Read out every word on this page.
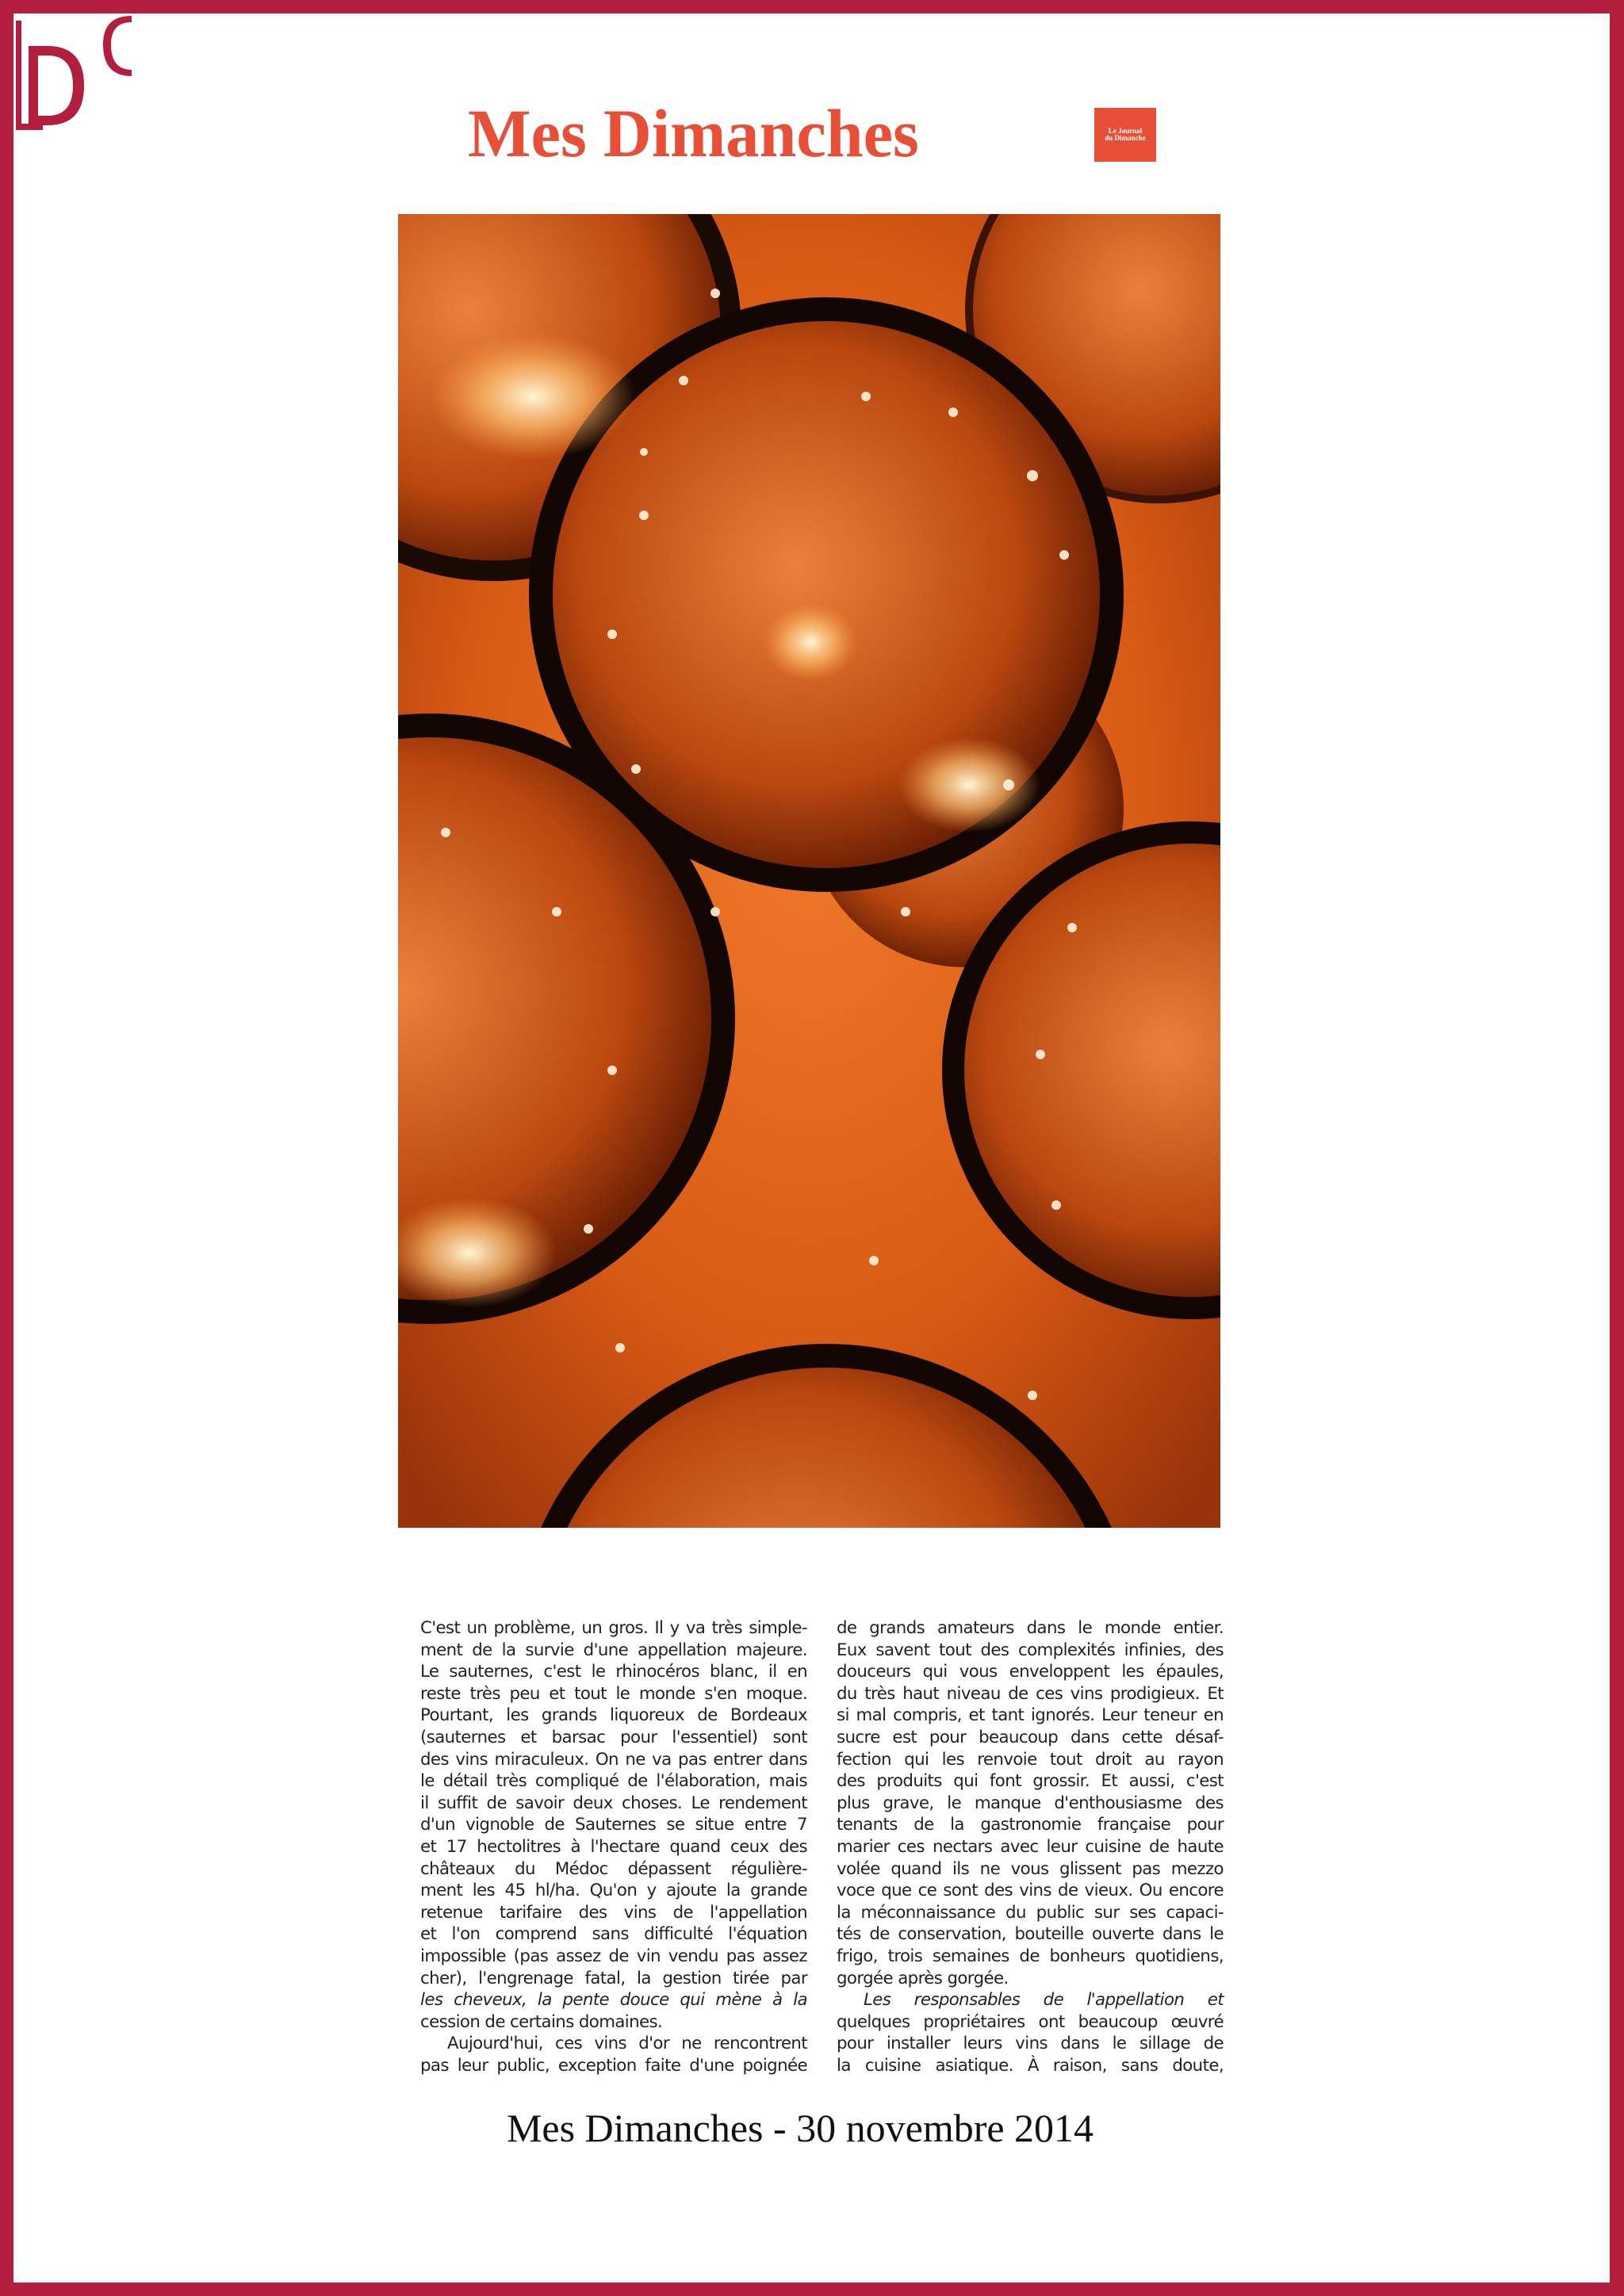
Mes Dimanches	Le Journal
du Dimanche
C'est un problème, un gros. Il y va très simple-
ment de la survie d'une appellation majeure.
Le sauternes, c'est le rhinocéros blanc, il en
reste très peu et tout le monde s'en moque.
Pourtant, les grands liquoreux de Bordeaux
(sauternes et barsac pour l'essentiel) sont
des vins miraculeux. On ne va pas entrer dans
le détail très compliqué de l'élaboration, mais
il suffit de savoir deux choses. Le rendement
d'un vignoble de Sauternes se situe entre 7
et 17 hectolitres à l'hectare quand ceux des
châteaux du Médoc dépassent régulière-
ment les 45 hl/ha. Qu'on y ajoute la grande
retenue tarifaire des vins de l'appellation
et l'on comprend sans difficulté l'équation
impossible (pas assez de vin vendu pas assez
cher), l'engrenage fatal, la gestion tirée par
les cheveux, la pente douce qui mène à la
cession de certains domaines.
Aujourd'hui, ces vins d'or ne rencontrent
pas leur public, exception faite d'une poignée
de grands amateurs dans le monde entier.
Eux savent tout des complexités infinies, des
douceurs qui vous enveloppent les épaules,
du très haut niveau de ces vins prodigieux. Et
si mal compris, et tant ignorés. Leur teneur en
sucre est pour beaucoup dans cette désaf-
fection qui les renvoie tout droit au rayon
des produits qui font grossir. Et aussi, c'est
plus grave, le manque d'enthousiasme des
tenants de la gastronomie française pour
marier ces nectars avec leur cuisine de haute
volée quand ils ne vous glissent pas mezzo
voce que ce sont des vins de vieux. Ou encore
la méconnaissance du public sur ses capaci-
tés de conservation, bouteille ouverte dans le
frigo, trois semaines de bonheurs quotidiens,
gorgée après gorgée.
Les responsables de l'appellation et
quelques propriétaires ont beaucoup œuvré
pour installer leurs vins dans le sillage de
la cuisine asiatique. À raison, sans doute,
Mes Dimanches - 30 novembre 2014
